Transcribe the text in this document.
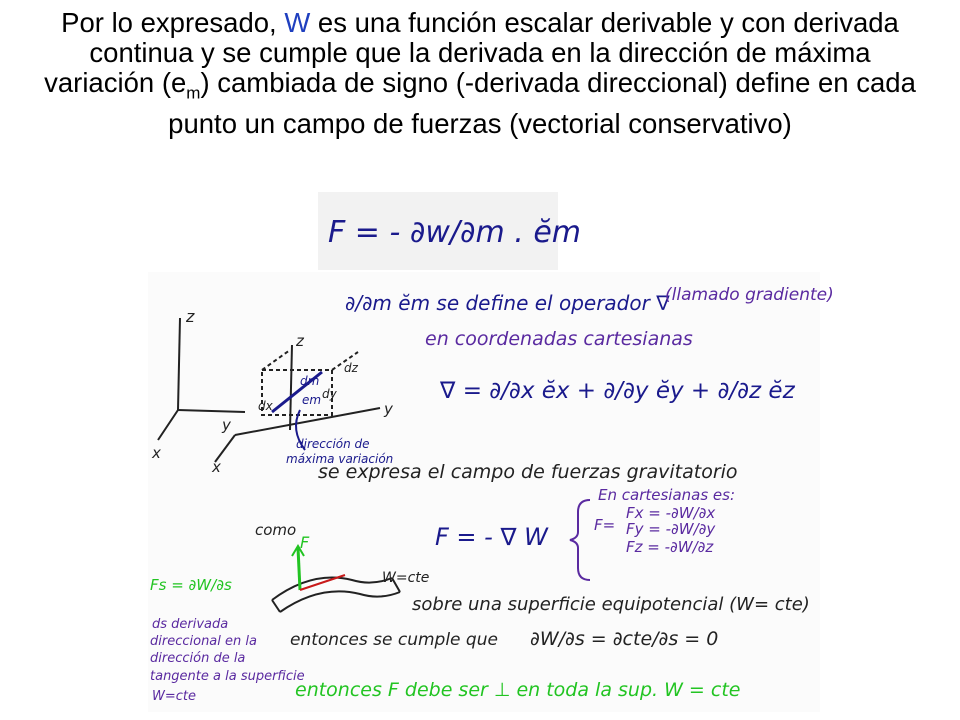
Por lo expresado, W es una función escalar derivable y con derivada continua y se cumple que la derivada en la dirección de máxima variación $(e_m)$ cambiada de signo (-derivada direccional) define en cada punto un campo de fuerzas (vectorial conservativo)
F = - ∂w/∂m . ĕm
∂/∂m ĕm se define el operador ∇
(llamado gradiente)
en coordenadas cartesianas
∇ = ∂/∂x ĕx + ∂/∂y ĕy + ∂/∂z ĕz
z
z
y
y
x
x
dx
dy
dz
dm
em
dirección de
máxima variación
se expresa el campo de fuerzas gravitatorio
como	F = - ∇ W
En cartesianas es:
F=
Fx = -∂W/∂x
Fy = -∂W/∂y
Fz = -∂W/∂z
F
W=cte
Fs = ∂W/∂s
sobre una superficie equipotencial (W= cte)
entonces se cumple que ∂W/∂s = ∂cte/∂s = 0
ds derivada
direccional en la
dirección de la
tangente a la superficie
W=cte	entonces F debe ser ⊥ en toda la sup. W = cte
